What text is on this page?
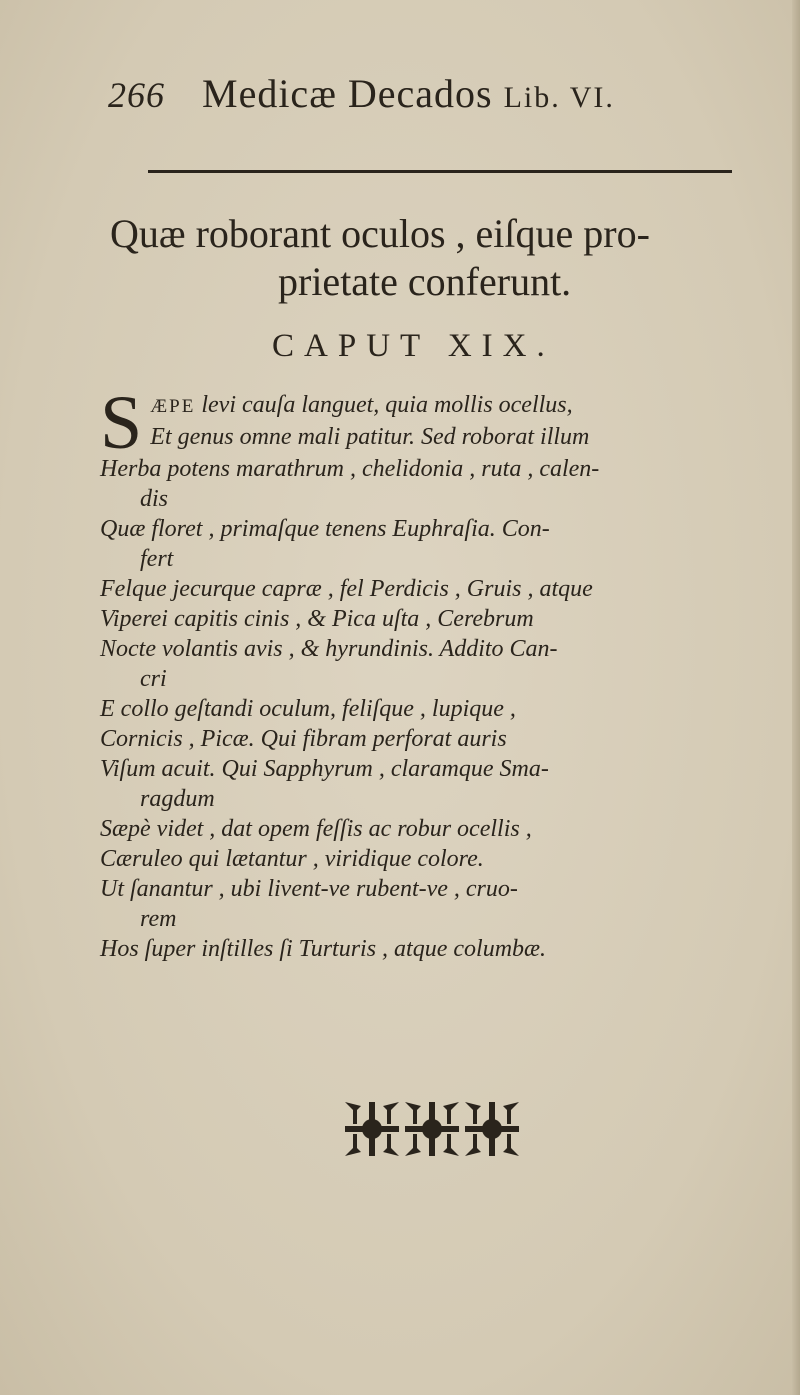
266 Medicæ Decados Lib. VI.
Quæ roborant oculos , eiſque pro-
prietate conferunt.
CAPUT XIX.
S ÆPE levi cauſa languet, quia mollis ocellus,
Et genus omne mali patitur. Sed roborat illum
Herba potens marathrum , chelidonia , ruta , calen-
dis
Quæ floret , primaſque tenens Euphraſia. Con-
fert
Felque jecurque capræ , fel Perdicis , Gruis , atque
Viperei capitis cinis , & Pica uſta , Cerebrum
Nocte volantis avis , & hyrundinis. Addito Can-
cri
E collo geſtandi oculum, feliſque , lupique ,
Cornicis , Picæ. Qui fibram perforat auris
Viſum acuit. Qui Sapphyrum , claramque Sma-
ragdum
Sæpè videt , dat opem feſſis ac robur ocellis ,
Cæruleo qui lætantur , viridique colore.
Ut ſanantur , ubi livent-ve rubent-ve , cruo-
rem
Hos ſuper inſtilles ſi Turturis , atque columbæ.
